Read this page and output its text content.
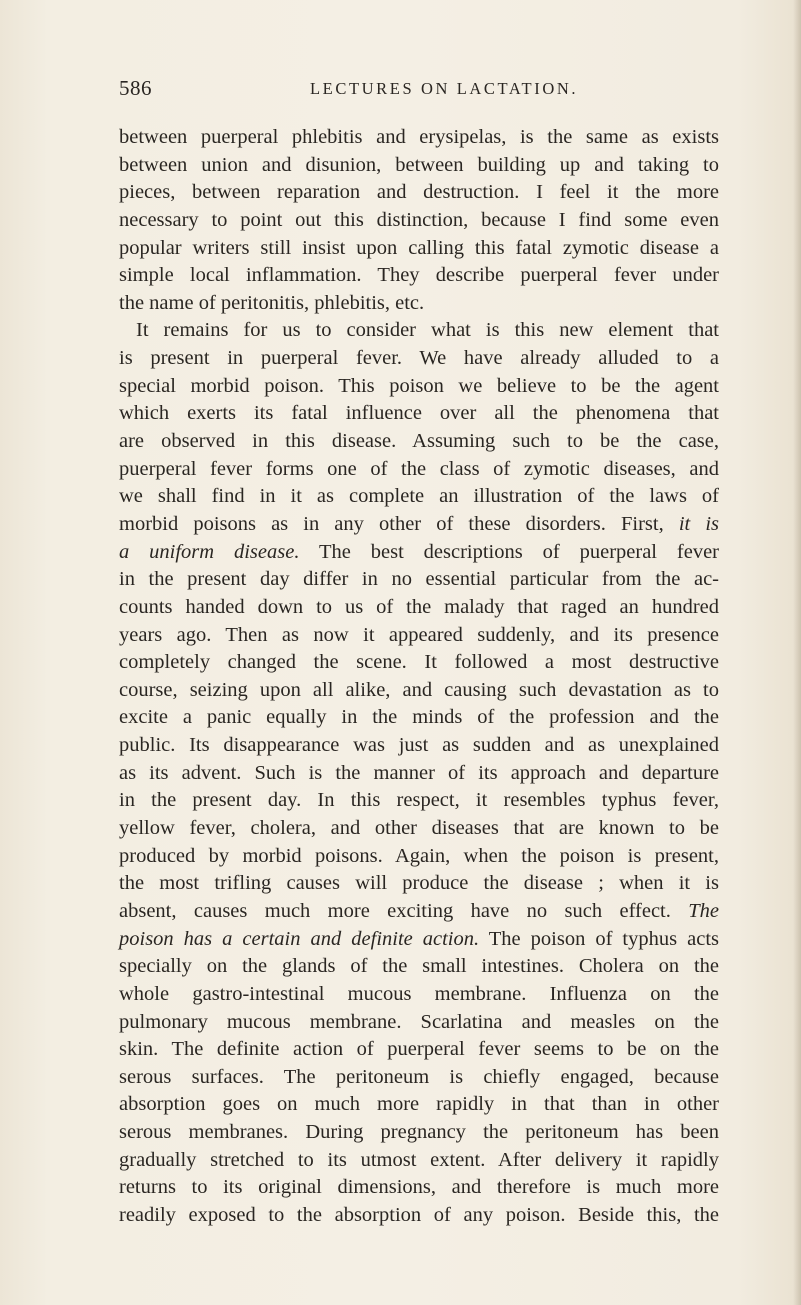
586	LECTURES ON LACTATION.
between puerperal phlebitis and erysipelas, is the same as exists
between union and disunion, between building up and taking to
pieces, between reparation and destruction. I feel it the more
necessary to point out this distinction, because I find some even
popular writers still insist upon calling this fatal zymotic disease a
simple local inflammation. They describe puerperal fever under
the name of peritonitis, phlebitis, etc.
It remains for us to consider what is this new element that
is present in puerperal fever. We have already alluded to a
special morbid poison. This poison we believe to be the agent
which exerts its fatal influence over all the phenomena that
are observed in this disease. Assuming such to be the case,
puerperal fever forms one of the class of zymotic diseases, and
we shall find in it as complete an illustration of the laws of
morbid poisons as in any other of these disorders. First, it is
a uniform disease. The best descriptions of puerperal fever
in the present day differ in no essential particular from the ac-
counts handed down to us of the malady that raged an hundred
years ago. Then as now it appeared suddenly, and its presence
completely changed the scene. It followed a most destructive
course, seizing upon all alike, and causing such devastation as to
excite a panic equally in the minds of the profession and the
public. Its disappearance was just as sudden and as unexplained
as its advent. Such is the manner of its approach and departure
in the present day. In this respect, it resembles typhus fever,
yellow fever, cholera, and other diseases that are known to be
produced by morbid poisons. Again, when the poison is present,
the most trifling causes will produce the disease ; when it is
absent, causes much more exciting have no such effect. The
poison has a certain and definite action. The poison of typhus acts
specially on the glands of the small intestines. Cholera on the
whole gastro-intestinal mucous membrane. Influenza on the
pulmonary mucous membrane. Scarlatina and measles on the
skin. The definite action of puerperal fever seems to be on the
serous surfaces. The peritoneum is chiefly engaged, because
absorption goes on much more rapidly in that than in other
serous membranes. During pregnancy the peritoneum has been
gradually stretched to its utmost extent. After delivery it rapidly
returns to its original dimensions, and therefore is much more
readily exposed to the absorption of any poison. Beside this, the
